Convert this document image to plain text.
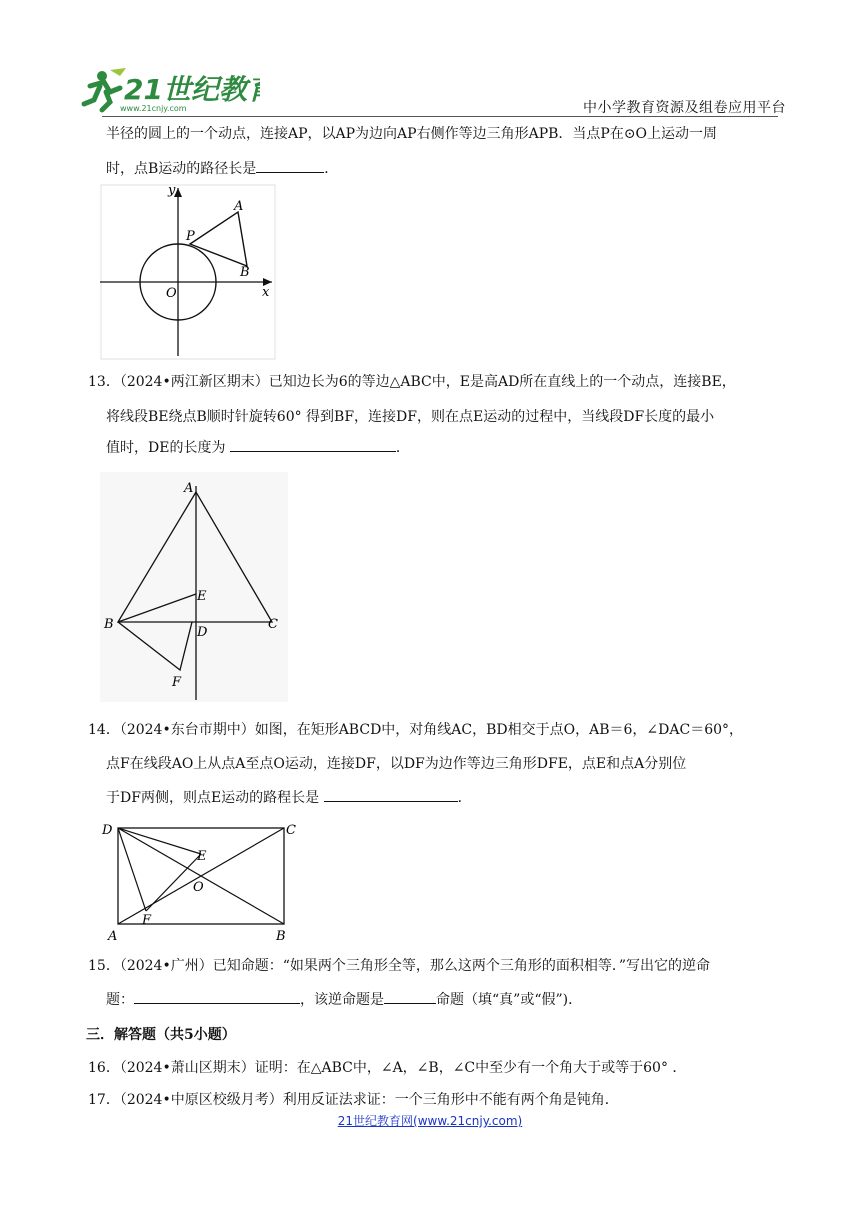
21世纪教育
www.21cnjy.com	中小学教育资源及组卷应用平台

半径的圆上的一个动点，连接AP，以AP为边向AP右侧作等边三角形APB．当点P在⊙O上运动一周

时，点B运动的路径长是	．

y
A
P
B
O	x

13．（2024•两江新区期末）已知边长为6的等边△ABC中，E是高AD所在直线上的一个动点，连接BE，

将线段BE绕点B顺时针旋转60° 得到BF，连接DF，则在点E运动的过程中，当线段DF长度的最小

值时，DE的长度为	．

A
E
B
D
C
F

14．（2024•东台市期中）如图，在矩形ABCD中，对角线AC，BD相交于点O，AB＝6，∠DAC＝60°，

点F在线段AO上从点A至点O运动，连接DF，以DF为边作等边三角形DFE，点E和点A分别位

于DF两侧，则点E运动的路程长是	．

D	C
E
O
F
A	B

15．（2024•广州）已知命题：“如果两个三角形全等，那么这两个三角形的面积相等．”写出它的逆命

题：	，该逆命题是	命题（填“真”或“假”)．

三．解答题（共5小题）

16．（2024•萧山区期末）证明：在△ABC中，∠A，∠B，∠C中至少有一个角大于或等于60° ．

17．（2024•中原区校级月考）利用反证法求证：一个三角形中不能有两个角是钝角．

21世纪教育网(www.21cnjy.com)
